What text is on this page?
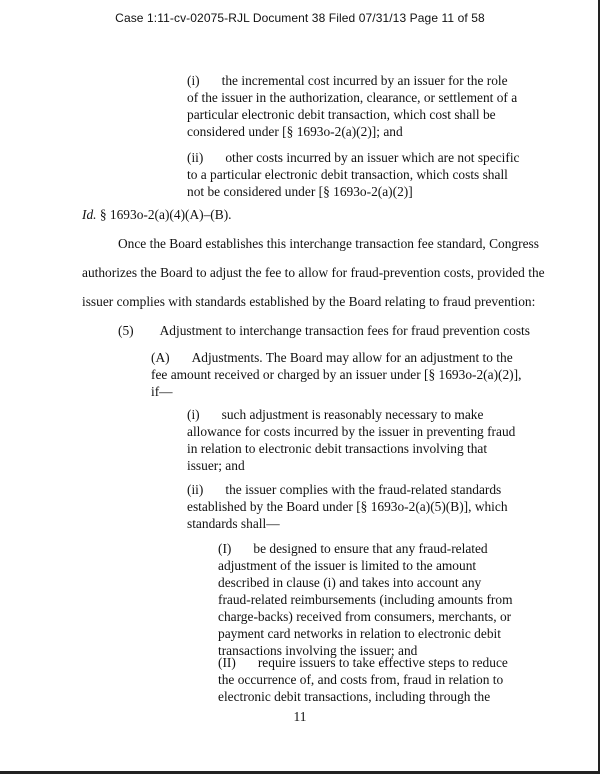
Case 1:11-cv-02075-RJL Document 38 Filed 07/31/13 Page 11 of 58
(i) the incremental cost incurred by an issuer for the role
of the issuer in the authorization, clearance, or settlement of a
particular electronic debit transaction, which cost shall be
considered under [§ 1693o-2(a)(2)]; and
(ii) other costs incurred by an issuer which are not specific
to a particular electronic debit transaction, which costs shall
not be considered under [§ 1693o-2(a)(2)]
Id. § 1693o-2(a)(4)(A)–(B).
Once the Board establishes this interchange transaction fee standard, Congress
authorizes the Board to adjust the fee to allow for fraud-prevention costs, provided the
issuer complies with standards established by the Board relating to fraud prevention:
(5) Adjustment to interchange transaction fees for fraud prevention costs
(A) Adjustments. The Board may allow for an adjustment to the
fee amount received or charged by an issuer under [§ 1693o-2(a)(2)],
if—
(i) such adjustment is reasonably necessary to make
allowance for costs incurred by the issuer in preventing fraud
in relation to electronic debit transactions involving that
issuer; and
(ii) the issuer complies with the fraud-related standards
established by the Board under [§ 1693o-2(a)(5)(B)], which
standards shall—
(I) be designed to ensure that any fraud-related
adjustment of the issuer is limited to the amount
described in clause (i) and takes into account any
fraud-related reimbursements (including amounts from
charge-backs) received from consumers, merchants, or
payment card networks in relation to electronic debit
transactions involving the issuer; and
(II) require issuers to take effective steps to reduce
the occurrence of, and costs from, fraud in relation to
electronic debit transactions, including through the
11
